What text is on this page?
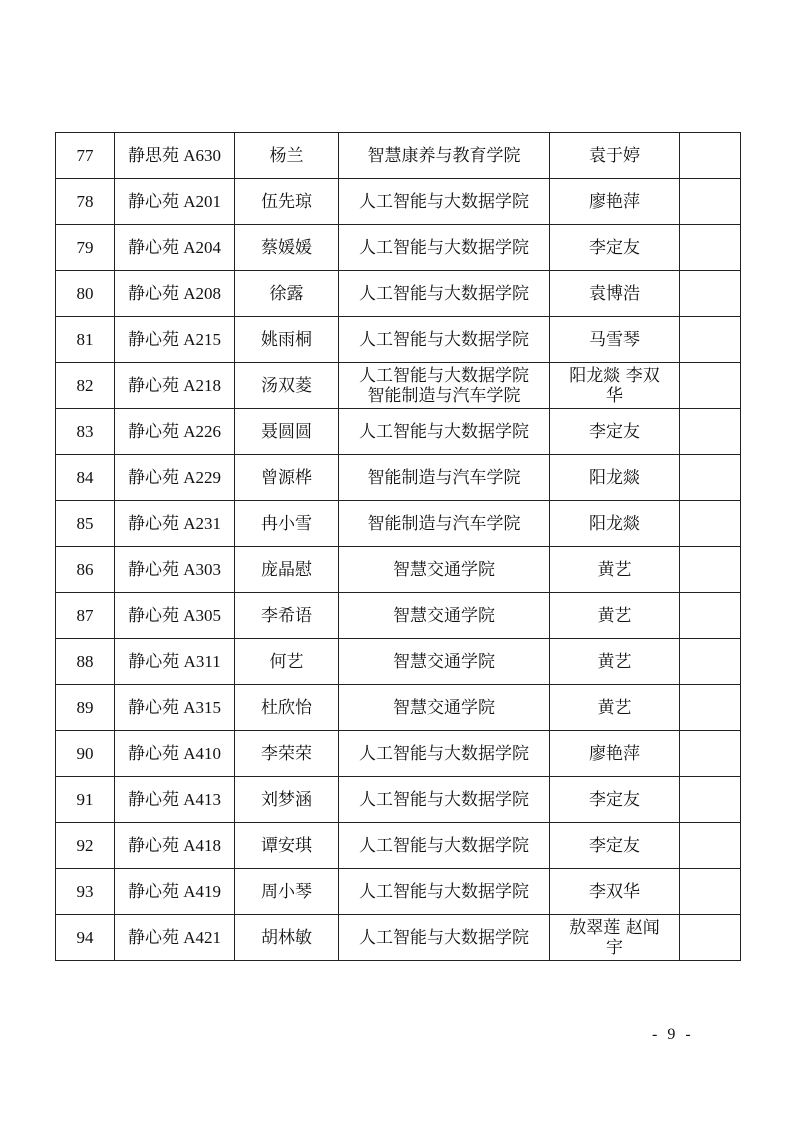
77	静思苑 A630	杨兰	智慧康养与教育学院	袁于婷	

78	静心苑 A201	伍先琼	人工智能与大数据学院	廖艳萍	

79	静心苑 A204	蔡媛媛	人工智能与大数据学院	李定友	

80	静心苑 A208	徐露	人工智能与大数据学院	袁博浩	

81	静心苑 A215	姚雨桐	人工智能与大数据学院	马雪琴	

82	静心苑 A218	汤双菱	人工智能与大数据学院
智能制造与汽车学院	阳龙燚 李双
华	

83	静心苑 A226	聂圆圆	人工智能与大数据学院	李定友	

84	静心苑 A229	曾源桦	智能制造与汽车学院	阳龙燚	

85	静心苑 A231	冉小雪	智能制造与汽车学院	阳龙燚	

86	静心苑 A303	庞晶慰	智慧交通学院	黄艺	

87	静心苑 A305	李希语	智慧交通学院	黄艺	

88	静心苑 A311	何艺	智慧交通学院	黄艺	

89	静心苑 A315	杜欣怡	智慧交通学院	黄艺	

90	静心苑 A410	李荣荣	人工智能与大数据学院	廖艳萍	

91	静心苑 A413	刘梦涵	人工智能与大数据学院	李定友	

92	静心苑 A418	谭安琪	人工智能与大数据学院	李定友	

93	静心苑 A419	周小琴	人工智能与大数据学院	李双华	

94	静心苑 A421	胡林敏	人工智能与大数据学院	敖翠莲 赵闻
宇	

- 9 -
